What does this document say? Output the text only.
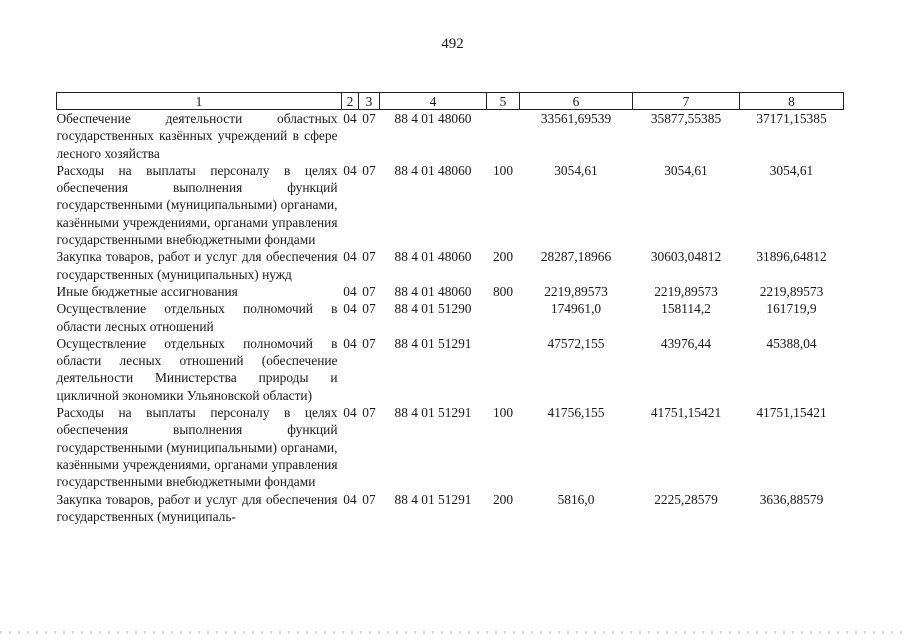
492
1	2	3	4	5	6	7	8
Обеспечение деятельности областных государственных казённых учреждений в сфере лесного хозяйства	04	07	88 4 01 48060		33561,69539	35877,55385	37171,15385
Расходы на выплаты персоналу в целях обеспечения выполнения функций государственными (муниципальными) органами, казёнными учреждениями, органами управления государственными внебюджетными фондами	04	07	88 4 01 48060	100	3054,61	3054,61	3054,61
Закупка товаров, работ и услуг для обеспечения государственных (муниципальных) нужд	04	07	88 4 01 48060	200	28287,18966	30603,04812	31896,64812
Иные бюджетные ассигнования	04	07	88 4 01 48060	800	2219,89573	2219,89573	2219,89573
Осуществление отдельных полномочий в области лесных отношений	04	07	88 4 01 51290		174961,0	158114,2	161719,9
Осуществление отдельных полномочий в области лесных отношений (обеспечение деятельности Министерства природы и цикличной экономики Ульяновской области)	04	07	88 4 01 51291		47572,155	43976,44	45388,04
Расходы на выплаты персоналу в целях обеспечения выполнения функций государственными (муниципальными) органами, казёнными учреждениями, органами управления государственными внебюджетными фондами	04	07	88 4 01 51291	100	41756,155	41751,15421	41751,15421
Закупка товаров, работ и услуг для обеспечения государственных (муниципаль-	04	07	88 4 01 51291	200	5816,0	2225,28579	3636,88579
